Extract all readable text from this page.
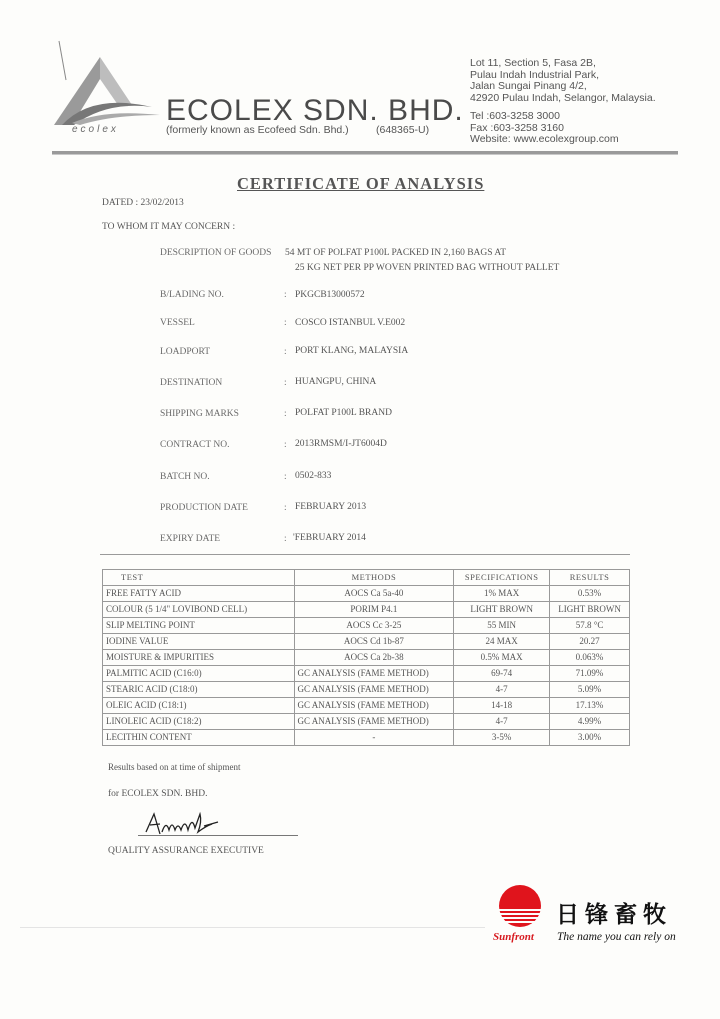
ecolex
ECOLEX SDN. BHD.
(formerly known as Ecofeed Sdn. Bhd.)	(648365-U)
Lot 11, Section 5, Fasa 2B,
Pulau Indah Industrial Park,
Jalan Sungai Pinang 4/2,
42920 Pulau Indah, Selangor, Malaysia.
Tel :603-3258 3000
Fax :603-3258 3160
Website: www.ecolexgroup.com
CERTIFICATE OF ANALYSIS
DATED : 23/02/2013
TO WHOM IT MAY CONCERN :
DESCRIPTION OF GOODS 54 MT OF POLFAT P100L PACKED IN 2,160 BAGS AT
25 KG NET PER PP WOVEN PRINTED BAG WITHOUT PALLET
B/LADING NO.	: PKGCB13000572
VESSEL	: COSCO ISTANBUL V.E002
LOADPORT	: PORT KLANG, MALAYSIA
DESTINATION	: HUANGPU, CHINA
SHIPPING MARKS	: POLFAT P100L BRAND
CONTRACT NO.	: 2013RMSM/I-JT6004D
BATCH NO.	: 0502-833
PRODUCTION DATE	: FEBRUARY 2013
EXPIRY DATE	: 'FEBRUARY 2014
TEST	METHODS	SPECIFICATIONS	RESULTS
FREE FATTY ACID	AOCS Ca 5a-40	1% MAX	0.53%
COLOUR (5 1/4" LOVIBOND CELL)	PORIM P4.1	LIGHT BROWN	LIGHT BROWN
SLIP MELTING POINT	AOCS Cc 3-25	55 MIN	57.8 °C
IODINE VALUE	AOCS Cd 1b-87	24 MAX	20.27
MOISTURE & IMPURITIES	AOCS Ca 2b-38	0.5% MAX	0.063%
PALMITIC ACID (C16:0)	GC ANALYSIS (FAME METHOD)	69-74	71.09%
STEARIC ACID (C18:0)	GC ANALYSIS (FAME METHOD)	4-7	5.09%
OLEIC ACID (C18:1)	GC ANALYSIS (FAME METHOD)	14-18	17.13%
LINOLEIC ACID (C18:2)	GC ANALYSIS (FAME METHOD)	4-7	4.99%
LECITHIN CONTENT	-	3-5%	3.00%
Results based on at time of shipment
for ECOLEX SDN. BHD.
QUALITY ASSURANCE EXECUTIVE
日锋畜牧
Sunfront The name you can rely on
